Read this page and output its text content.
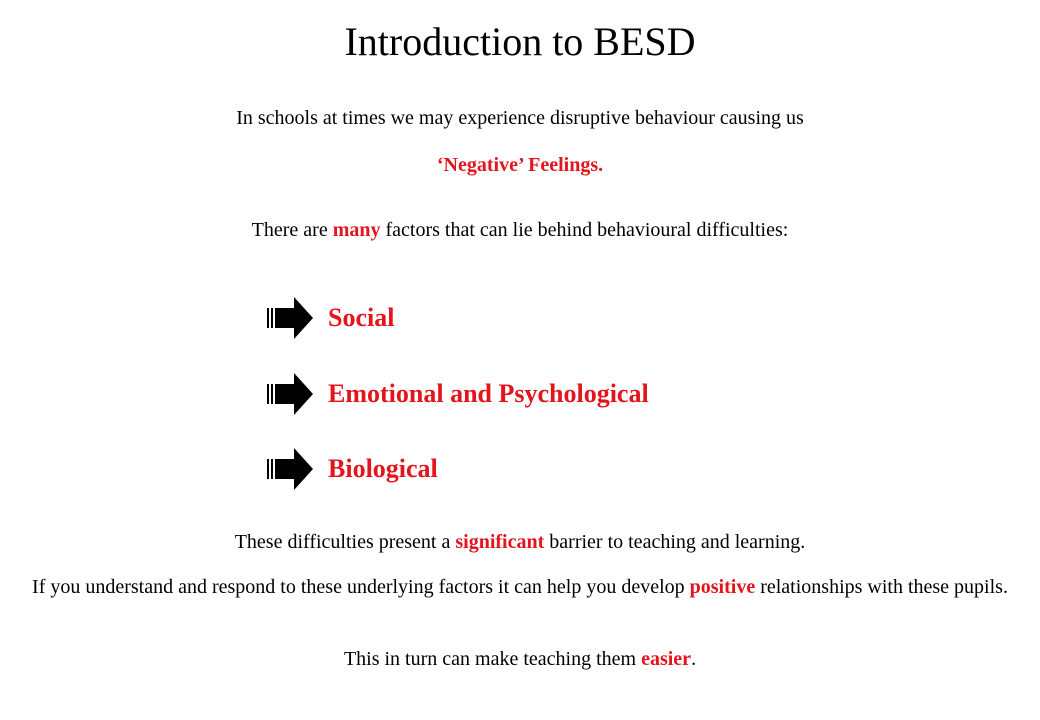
Introduction to BESD
In schools at times we may experience disruptive behaviour causing us
‘Negative’ Feelings.
There are many factors that can lie behind behavioural difficulties:
Social
Emotional and Psychological
Biological
These difficulties present a significant barrier to teaching and learning.
If you understand and respond to these underlying factors it can help you develop positive relationships with these pupils.
This in turn can make teaching them easier.
